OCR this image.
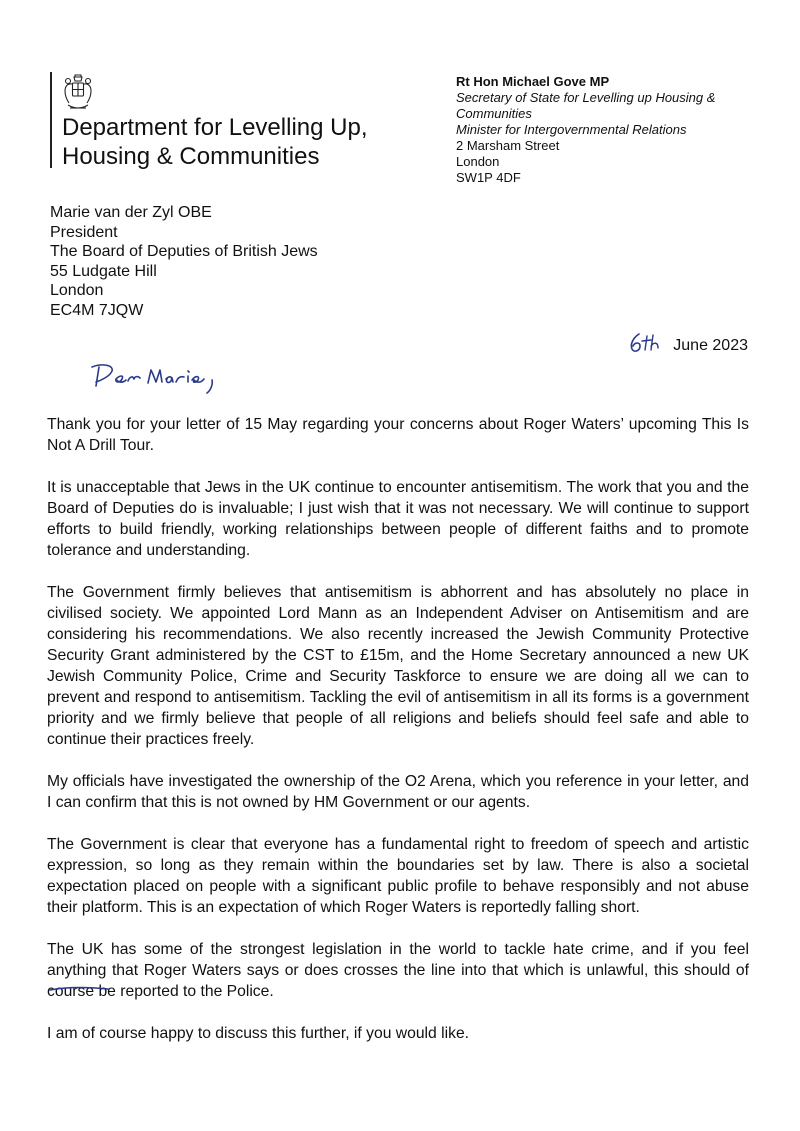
Department for Levelling Up,
Housing & Communities
Rt Hon Michael Gove MP
Secretary of State for Levelling up Housing &
Communities
Minister for Intergovernmental Relations
2 Marsham Street
London
SW1P 4DF
Marie van der Zyl OBE
President
The Board of Deputies of British Jews
55 Ludgate Hill
London
EC4M 7JQW
June 2023

Thank you for your letter of 15 May regarding your concerns about Roger Waters’ upcoming This Is Not A Drill Tour.

It is unacceptable that Jews in the UK continue to encounter antisemitism. The work that you and the Board of Deputies do is invaluable; I just wish that it was not necessary. We will continue to support efforts to build friendly, working relationships between people of different faiths and to promote tolerance and understanding.

The Government firmly believes that antisemitism is abhorrent and has absolutely no place in civilised society. We appointed Lord Mann as an Independent Adviser on Antisemitism and are considering his recommendations. We also recently increased the Jewish Community Protective Security Grant administered by the CST to £15m, and the Home Secretary announced a new UK Jewish Community Police, Crime and Security Taskforce to ensure we are doing all we can to prevent and respond to antisemitism. Tackling the evil of antisemitism in all its forms is a government priority and we firmly believe that people of all religions and beliefs should feel safe and able to continue their practices freely.

My officials have investigated the ownership of the O2 Arena, which you reference in your letter, and I can confirm that this is not owned by HM Government or our agents.

The Government is clear that everyone has a fundamental right to freedom of speech and artistic expression, so long as they remain within the boundaries set by law. There is also a societal expectation placed on people with a significant public profile to behave responsibly and not abuse their platform. This is an expectation of which Roger Waters is reportedly falling short.

The UK has some of the strongest legislation in the world to tackle hate crime, and if you feel anything that Roger Waters says or does crosses the line into that which is unlawful, this should of course be reported to the Police.

I am of course happy to discuss this further, if you would like.
